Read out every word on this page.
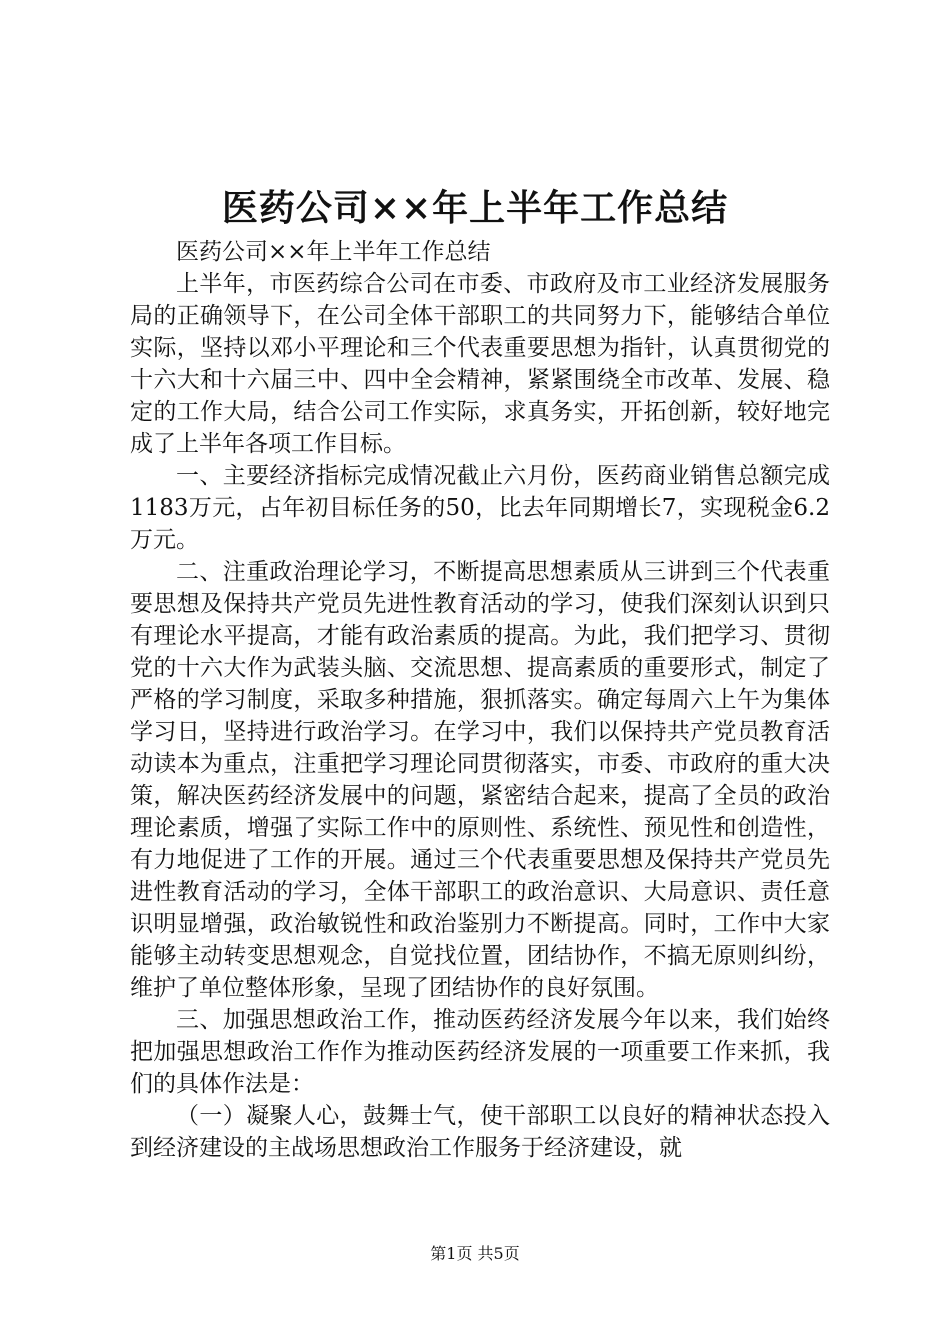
医药公司××年上半年工作总结

医药公司××年上半年工作总结

上半年，市医药综合公司在市委、市政府及市工业经济发展服务局的正确领导下，在公司全体干部职工的共同努力下，能够结合单位实际，坚持以邓小平理论和三个代表重要思想为指针，认真贯彻党的十六大和十六届三中、四中全会精神，紧紧围绕全市改革、发展、稳定的工作大局，结合公司工作实际，求真务实，开拓创新，较好地完成了上半年各项工作目标。

一、主要经济指标完成情况截止六月份，医药商业销售总额完成1183万元，占年初目标任务的50，比去年同期增长7，实现税金6.2万元。

二、注重政治理论学习，不断提高思想素质从三讲到三个代表重要思想及保持共产党员先进性教育活动的学习，使我们深刻认识到只有理论水平提高，才能有政治素质的提高。为此，我们把学习、贯彻党的十六大作为武装头脑、交流思想、提高素质的重要形式，制定了严格的学习制度，采取多种措施，狠抓落实。确定每周六上午为集体学习日，坚持进行政治学习。在学习中，我们以保持共产党员教育活动读本为重点，注重把学习理论同贯彻落实，市委、市政府的重大决策，解决医药经济发展中的问题，紧密结合起来，提高了全员的政治理论素质，增强了实际工作中的原则性、系统性、预见性和创造性，有力地促进了工作的开展。通过三个代表重要思想及保持共产党员先进性教育活动的学习，全体干部职工的政治意识、大局意识、责任意识明显增强，政治敏锐性和政治鉴别力不断提高。同时，工作中大家能够主动转变思想观念，自觉找位置，团结协作，不搞无原则纠纷，维护了单位整体形象，呈现了团结协作的良好氛围。

三、加强思想政治工作，推动医药经济发展今年以来，我们始终把加强思想政治工作作为推动医药经济发展的一项重要工作来抓，我们的具体作法是：

（一）凝聚人心，鼓舞士气，使干部职工以良好的精神状态投入到经济建设的主战场思想政治工作服务于经济建设，就

第1页 共5页
